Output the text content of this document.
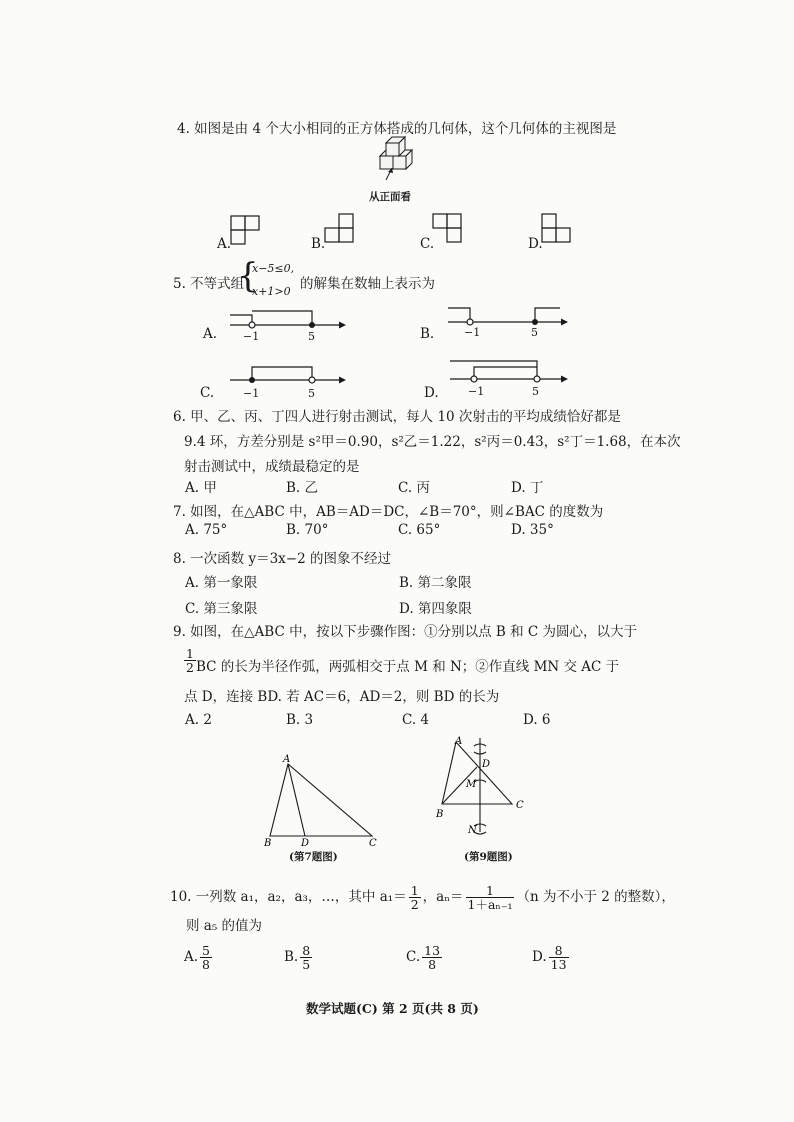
4. 如图是由 4 个大小相同的正方体搭成的几何体，这个几何体的主视图是
从正面看
A.	B.	C.	D.
5. 不等式组
{
x−5≤0,
x+1>0 的解集在数轴上表示为
A. −1	5	B.	−1	5
C.	−1	5	D.	−1	5
6. 甲、乙、丙、丁四人进行射击测试，每人 10 次射击的平均成绩恰好都是
9.4 环，方差分别是 s²甲＝0.90，s²乙＝1.22，s²丙＝0.43，s²丁＝1.68，在本次
射击测试中，成绩最稳定的是
A. 甲	B. 乙	C. 丙	D. 丁
7. 如图，在△ABC 中，AB＝AD＝DC，∠B＝70°，则∠BAC 的度数为
A. 75°	B. 70°	C. 65°	D. 35°
8. 一次函数 y＝3x−2 的图象不经过
A. 第一象限	B. 第二象限
C. 第三象限	D. 第四象限
9. 如图，在△ABC 中，按以下步骤作图：①分别以点 B 和 C 为圆心，以大于
$\frac{1}{2}$ BC 的长为半径作弧，两弧相交于点 M 和 N；②作直线 MN 交 AC 于
点 D，连接 BD. 若 AC＝6，AD＝2，则 BD 的长为
A. 2	B. 3	C. 4	D. 6
A
B	D	C
(第7题图)
A
D
M
B
C
N
(第9题图)
10. 一列数 a₁，a₂，a₃，…，其中 $a_1= \frac{1}{2}$ ，$a_n= \frac{1}{\text{1＋aₙ₋₁}} (n$ 为不小于 2 的整数），
则 a₅ 的值为
A. $\frac{5}{8}$	B. $\frac{8}{5}$	C. $\frac{13}{8}$	D. $\frac{8}{13}$
数学试题(C) 第 2 页(共 8 页)
